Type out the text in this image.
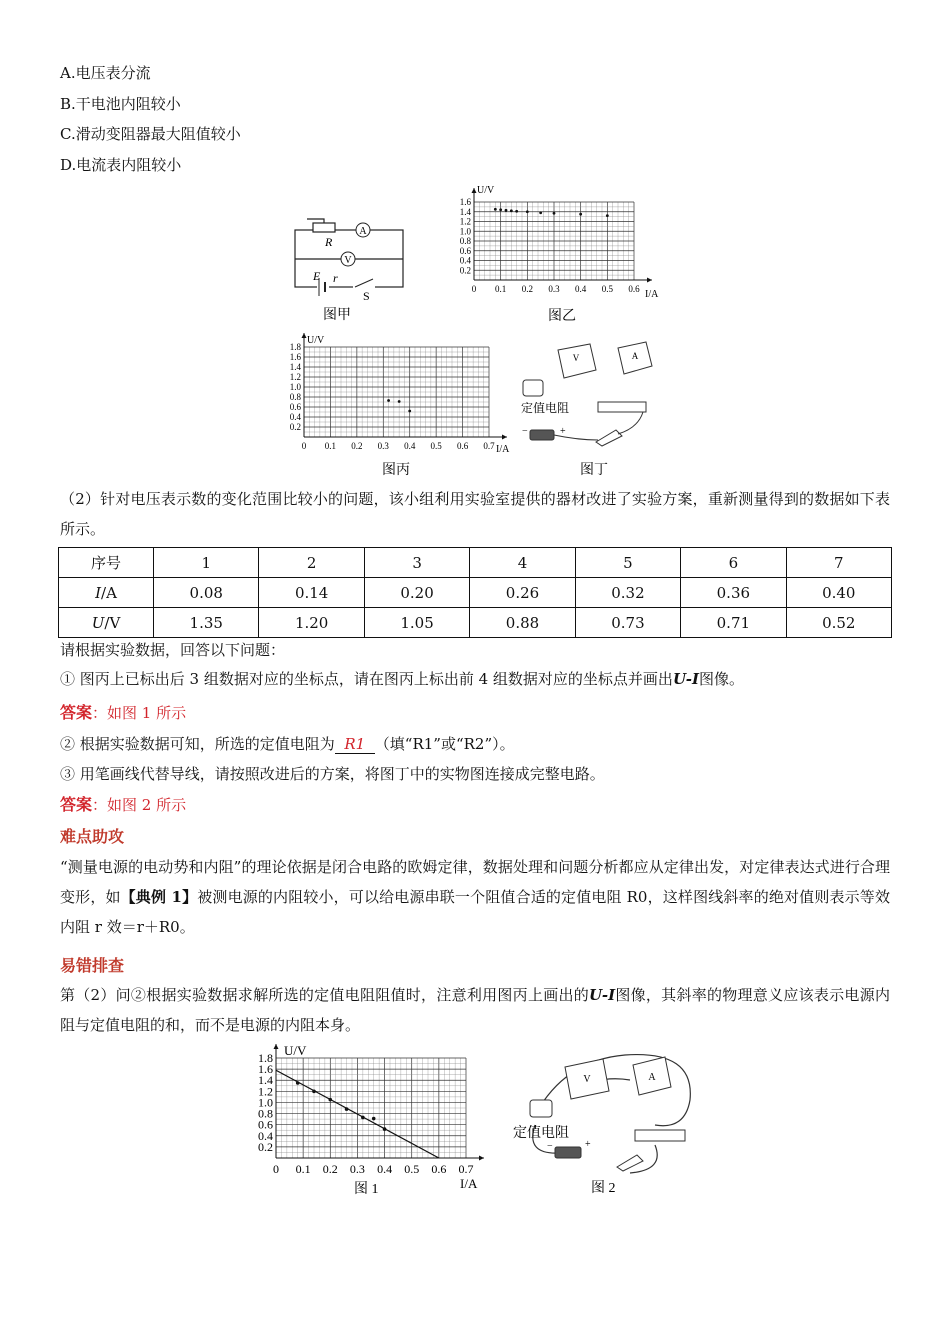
A.电压表分流
B.干电池内阻较小
C.滑动变阻器最大阻值较小
D.电流表内阻较小
A
V
R
E r
S
图甲
U/V
I/A
图乙
0.2
0.4
0.6
0.8
1.0
1.2
1.4
1.6
0 0.1 0.2 0.3 0.4 0.5 0.6
U/V
I/A
图丙
0.2
0.4
0.6
0.8
1.0
1.2
1.4
1.6
1.8
0 0.1 0.2 0.3 0.4 0.5 0.6 0.7
V	A
定值电阻
+
−
图丁
（2）针对电压表示数的变化范围比较小的问题，该小组利用实验室提供的器材改进了实验方案，重新测量得到的数据如下表所示。
序号	1	2	3	4	5	6	7
I/A	0.08	0.14	0.20	0.26	0.32	0.36	0.40
U/V	1.35	1.20	1.05	0.88	0.73	0.71	0.52
请根据实验数据，回答以下问题：
① 图丙上已标出后 3 组数据对应的坐标点，请在图丙上标出前 4 组数据对应的坐标点并画出U-I图像。
答案：如图 1 所示
② 根据实验数据可知，所选的定值电阻为 R1 （填“R1”或“R2”）。
③ 用笔画线代替导线，请按照改进后的方案，将图丁中的实物图连接成完整电路。
答案：如图 2 所示
难点助攻
“测量电源的电动势和内阻”的理论依据是闭合电路的欧姆定律，数据处理和问题分析都应从定律出发，对定律表达式进行合理变形，如【典例 1】被测电源的内阻较小，可以给电源串联一个阻值合适的定值电阻 R0，这样图线斜率的绝对值则表示等效内阻 r 效＝r＋R0。
易错排查
第（2）问②根据实验数据求解所选的定值电阻阻值时，注意利用图丙上画出的U-I图像，其斜率的物理意义应该表示电源内阻与定值电阻的和，而不是电源的内阻本身。
U/V
I/A
图 1
0.2
0.4
0.6
0.8
1.0
1.2
1.4
1.6
1.8
0 0.1 0.2 0.3 0.4 0.5 0.6 0.7
V	A
定值电阻
+
−
图 2
